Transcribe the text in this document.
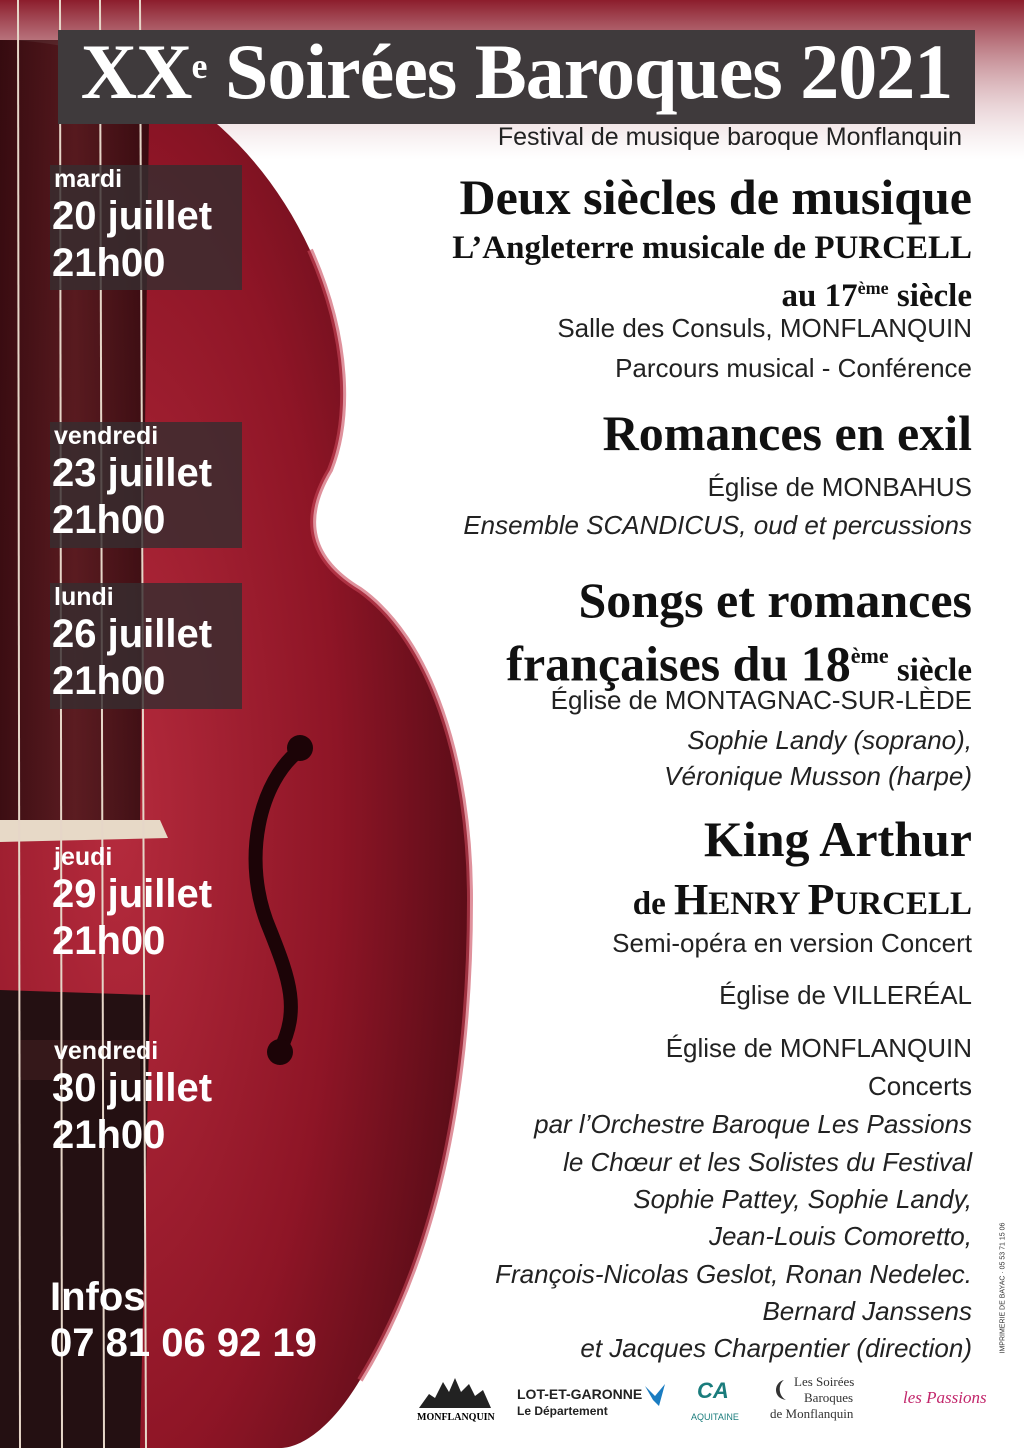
XXe Soirées Baroques 2021
Festival de musique baroque Monflanquin
mardi
20 juillet
21h00
vendredi
23 juillet
21h00
lundi
26 juillet
21h00
jeudi
29 juillet
21h00
vendredi
30 juillet
21h00
Deux siècles de musique
L’Angleterre musicale de PURCELL
au 17ème siècle
Salle des Consuls, MONFLANQUIN
Parcours musical - Conférence
Romances en exil
Église de MONBAHUS
Ensemble SCANDICUS, oud et percussions
Songs et romances
françaises du 18ème siècle
Église de MONTAGNAC-SUR-LÈDE
Sophie Landy (soprano),
Véronique Musson (harpe)
King Arthur
de HENRY PURCELL
Semi-opéra en version Concert
Église de VILLERÉAL
Église de MONFLANQUIN
Concerts
par l’Orchestre Baroque Les Passions
le Chœur et les Solistes du Festival
Sophie Pattey, Sophie Landy,
Jean-Louis Comoretto,
François-Nicolas Geslot, Ronan Nedelec.
Bernard Janssens
et Jacques Charpentier (direction)
Infos
07 81 06 92 19	IMPRIMERIE DE BAYAC · 05 53 71 15 06
MONFLANQUIN
LOT-ET-GARONNE
Le Département
CA
AQUITAINE
Les Soirées
Baroques
de Monflanquin
les Passions
